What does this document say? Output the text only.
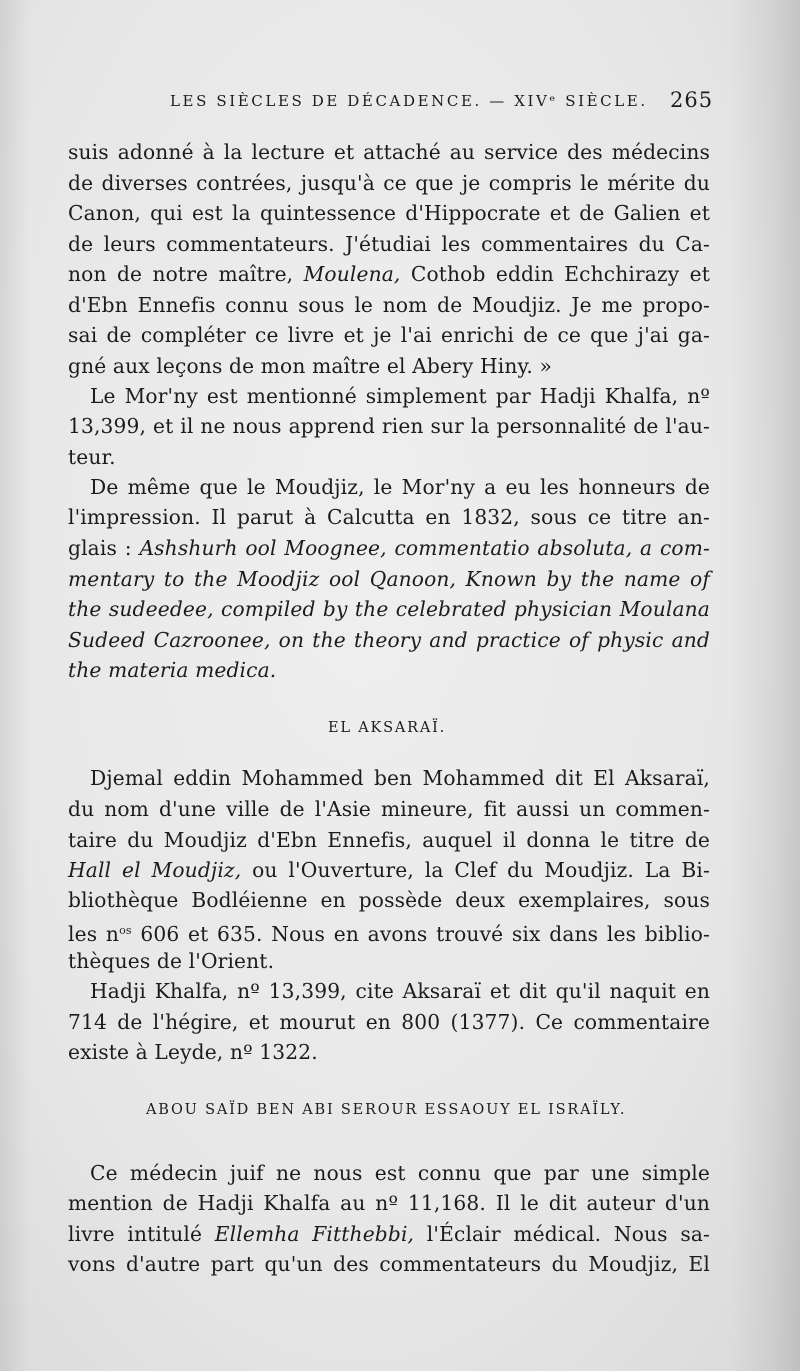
LES SIÈCLES DE DÉCADENCE. — XIVᵉ SIÈCLE.	265
suis adonné à la lecture et attaché au service des médecins
de diverses contrées, jusqu'à ce que je compris le mérite du
Canon, qui est la quintessence d'Hippocrate et de Galien et
de leurs commentateurs. J'étudiai les commentaires du Ca-
non de notre maître, Moulena, Cothob eddin Echchirazy et
d'Ebn Ennefis connu sous le nom de Moudjiz. Je me propo-
sai de compléter ce livre et je l'ai enrichi de ce que j'ai ga-
gné aux leçons de mon maître el Abery Hiny. »
Le Mor'ny est mentionné simplement par Hadji Khalfa, nº
13,399, et il ne nous apprend rien sur la personnalité de l'au-
teur.
De même que le Moudjiz, le Mor'ny a eu les honneurs de
l'impression. Il parut à Calcutta en 1832, sous ce titre an-
glais : Ashshurh ool Moognee, commentatio absoluta, a com-
mentary to the Moodjiz ool Qanoon, Known by the name of
the sudeedee, compiled by the celebrated physician Moulana
Sudeed Cazroonee, on the theory and practice of physic and
the materia medica.
EL AKSARAÏ.
Djemal eddin Mohammed ben Mohammed dit El Aksaraï,
du nom d'une ville de l'Asie mineure, fit aussi un commen-
taire du Moudjiz d'Ebn Ennefis, auquel il donna le titre de
Hall el Moudjiz, ou l'Ouverture, la Clef du Moudjiz. La Bi-
bliothèque Bodléienne en possède deux exemplaires, sous
les $n^{os}$ 606 et 635. Nous en avons trouvé six dans les biblio-
thèques de l'Orient.
Hadji Khalfa, nº 13,399, cite Aksaraï et dit qu'il naquit en
714 de l'hégire, et mourut en 800 (1377). Ce commentaire
existe à Leyde, nº 1322.
ABOU SAÏD BEN ABI SEROUR ESSAOUY EL ISRAÏLY.
Ce médecin juif ne nous est connu que par une simple
mention de Hadji Khalfa au nº 11,168. Il le dit auteur d'un
livre intitulé Ellemha Fitthebbi, l'Éclair médical. Nous sa-
vons d'autre part qu'un des commentateurs du Moudjiz, El
